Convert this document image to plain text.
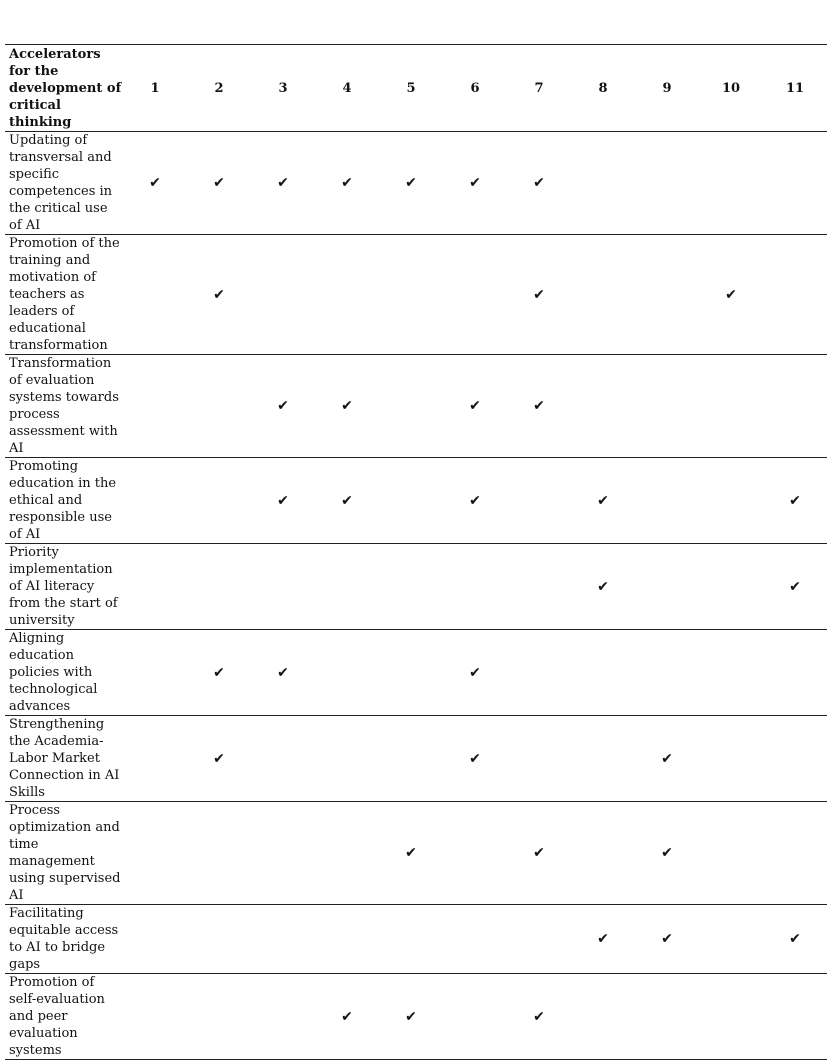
Accelerators for the development of critical thinking	1	2	3	4	5	6	7	8	9	10	11
Updating of transversal and specific competences in the critical use of AI	✔	✔	✔	✔	✔	✔	✔				
Promotion of the training and motivation of teachers as leaders of educational transformation		✔					✔			✔	
Transformation of evaluation systems towards process assessment with AI			✔	✔		✔	✔				
Promoting education in the ethical and responsible use of AI			✔	✔		✔		✔			✔
Priority implementation of AI literacy from the start of university								✔			✔
Aligning education policies with technological advances		✔	✔			✔					
Strengthening the Academia-Labor Market Connection in AI Skills		✔				✔			✔		
Process optimization and time management using supervised AI					✔		✔		✔		
Facilitating equitable access to AI to bridge gaps								✔	✔		✔
Promotion of self-evaluation and peer evaluation systems				✔	✔		✔				
